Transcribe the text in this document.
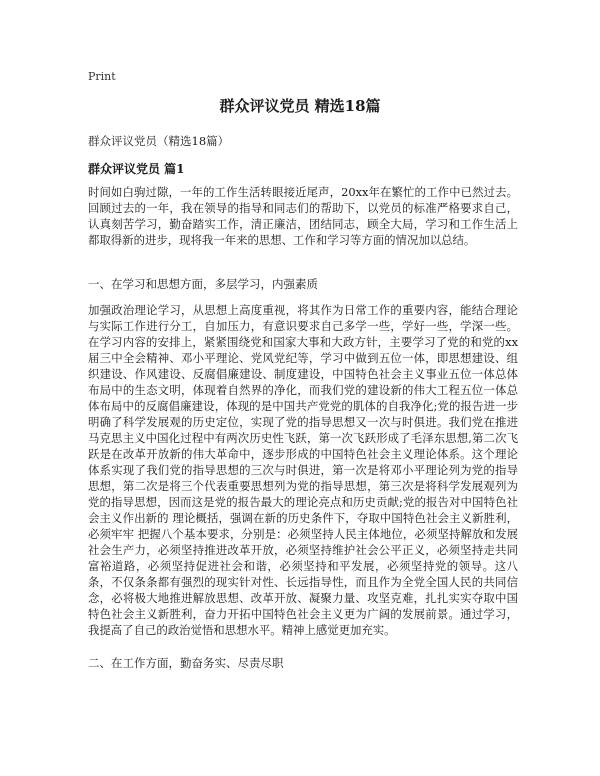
Print
群众评议党员 精选18篇
群众评议党员（精选18篇）
群众评议党员 篇1

时间如白驹过隙，一年的工作生活转眼接近尾声，20xx年在繁忙的工作中已然过去。回顾过去的一年，我在领导的指导和同志们的帮助下，以党员的标准严格要求自己，认真刻苦学习，勤奋踏实工作，清正廉洁，团结同志，顾全大局，学习和工作生活上都取得新的进步，现将我一年来的思想、工作和学习等方面的情况加以总结。

一、在学习和思想方面，多层学习，内强素质

加强政治理论学习，从思想上高度重视，将其作为日常工作的重要内容，能结合理论与实际工作进行分工，自加压力，有意识要求自己多学一些，学好一些，学深一些。在学习内容的安排上，紧紧围绕党和国家大事和大政方针，主要学习了党的和党的xx届三中全会精神、邓小平理论、党风党纪等，学习中做到五位一体，即思想建设、组织建设、作风建设、反腐倡廉建设、制度建设，中国特色社会主义事业五位一体总体布局中的生态文明，体现着自然界的净化，而我们党的建设新的伟大工程五位一体总体布局中的反腐倡廉建设，体现的是中国共产党党的肌体的自我净化;党的报告进一步明确了科学发展观的历史定位，实现了党的指导思想又一次与时俱进。我们党在推进马克思主义中国化过程中有两次历史性飞跃，第一次飞跃形成了毛泽东思想,第二次飞跃是在改革开放新的伟大革命中，逐步形成的中国特色社会主义理论体系。这个理论体系实现了我们党的指导思想的三次与时俱进，第一次是将邓小平理论列为党的指导思想，第二次是将三个代表重要思想列为党的指导思想，第三次是将科学发展观列为党的指导思想，因而这是党的报告最大的理论亮点和历史贡献;党的报告对中国特色社会主义作出新的 理论概括，强调在新的历史条件下，夺取中国特色社会主义新胜利，必须牢牢 把握八个基本要求，分别是：必须坚持人民主体地位，必须坚持解放和发展社会生产力，必须坚持推进改革开放，必须坚持维护社会公平正义，必须坚持走共同富裕道路，必须坚持促进社会和谐，必须坚持和平发展，必须坚持党的领导。这八条，不仅条条都有强烈的现实针对性、长远指导性，而且作为全党全国人民的共同信念，必将极大地推进解放思想、改革开放、凝聚力量、攻坚克难，扎扎实实夺取中国特色社会主义新胜利，奋力开拓中国特色社会主义更为广阔的发展前景。通过学习，我提高了自己的政治觉悟和思想水平。精神上感觉更加充实。

二、在工作方面，勤奋务实、尽责尽职
